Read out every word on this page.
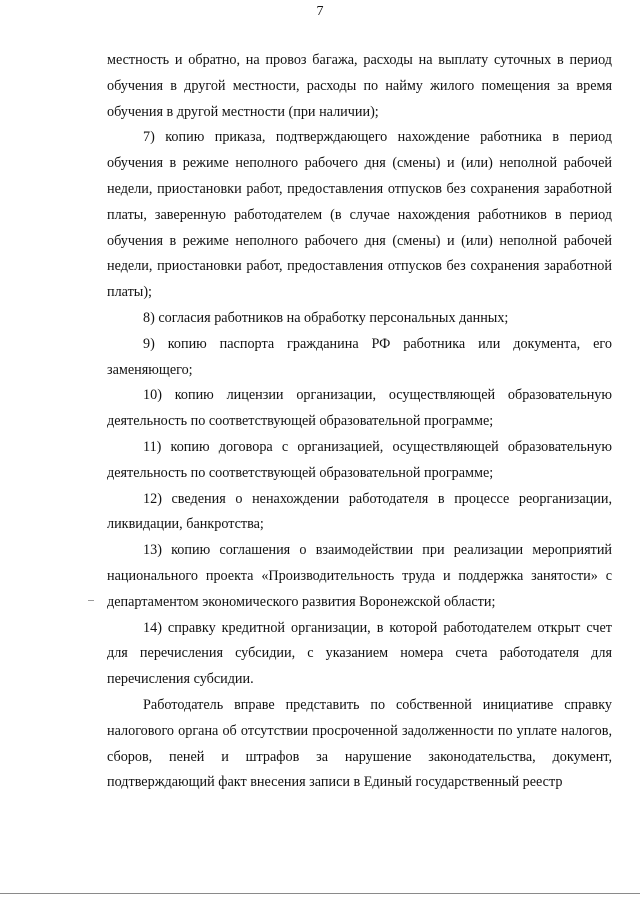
7

местность и обратно, на провоз багажа, расходы на выплату суточных в период обучения в другой местности, расходы по найму жилого помещения за время обучения в другой местности (при наличии);

7) копию приказа, подтверждающего нахождение работника в период обучения в режиме неполного рабочего дня (смены) и (или) неполной рабочей недели, приостановки работ, предоставления отпусков без сохранения заработной платы, заверенную работодателем (в случае нахождения работников в период обучения в режиме неполного рабочего дня (смены) и (или) неполной рабочей недели, приостановки работ, предоставления отпусков без сохранения заработной платы);

8) согласия работников на обработку персональных данных;

9) копию паспорта гражданина РФ работника или документа, его заменяющего;

10) копию лицензии организации, осуществляющей образовательную деятельность по соответствующей образовательной программе;

11) копию договора с организацией, осуществляющей образовательную деятельность по соответствующей образовательной программе;

12) сведения о ненахождении работодателя в процессе реорганизации, ликвидации, банкротства;

13) копию соглашения о взаимодействии при реализации мероприятий национального проекта «Производительность труда и поддержка занятости» с департаментом экономического развития Воронежской области;

14) справку кредитной организации, в которой работодателем открыт счет для перечисления субсидии, с указанием номера счета работодателя для перечисления субсидии.

Работодатель вправе представить по собственной инициативе справку налогового органа об отсутствии просроченной задолженности по уплате налогов, сборов, пеней и штрафов за нарушение законодательства, документ, подтверждающий факт внесения записи в Единый государственный реестр
